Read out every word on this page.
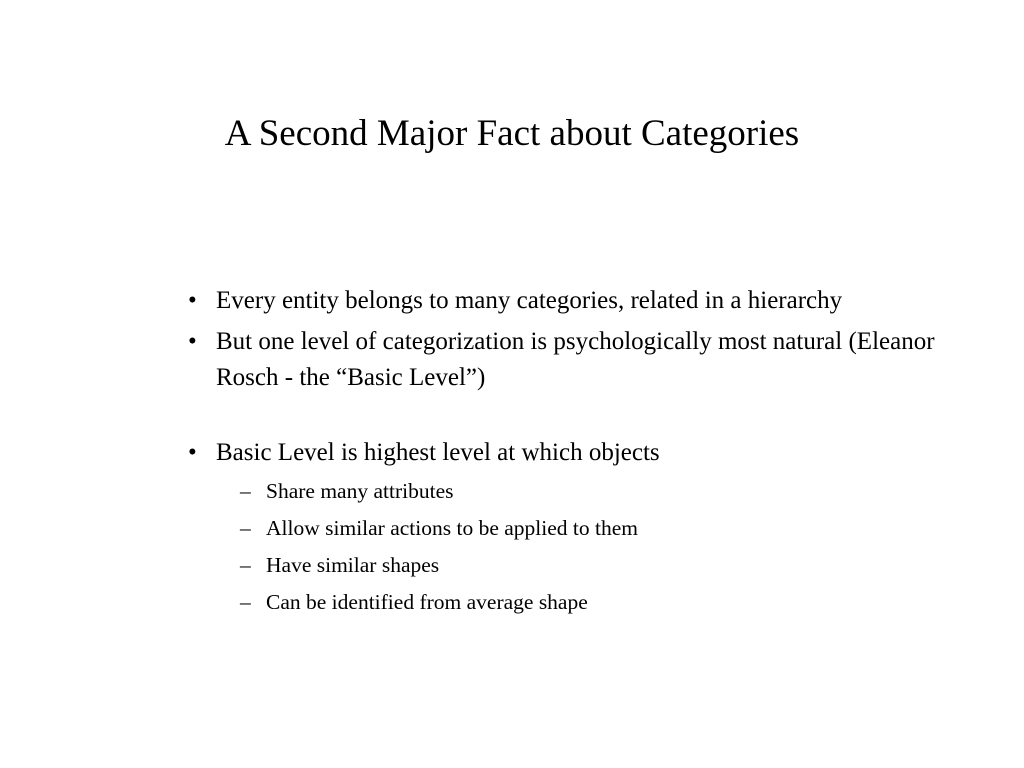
A Second Major Fact about Categories
• Every entity belongs to many categories, related in a hierarchy
• But one level of categorization is psychologically most natural (Eleanor Rosch - the “Basic Level”)
• Basic Level is highest level at which objects
– Share many attributes
– Allow similar actions to be applied to them
– Have similar shapes
– Can be identified from average shape
